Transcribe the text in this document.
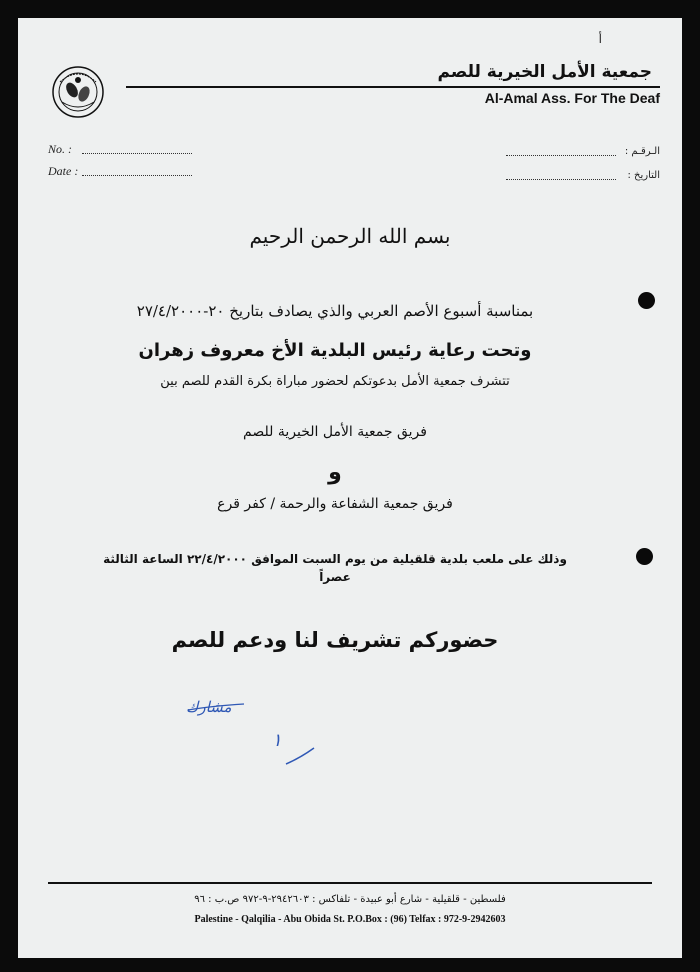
أ
جمعية الأمل الخيرية للصم
Al-Amal Ass. For The Deaf
No. :
Date :
الـرقـم :
التاريخ :
بسم الله الرحمن الرحيم
بمناسبة أسبوع الأصم العربي والذي يصادف بتاريخ ٢٠-٢٧/٤/٢٠٠٠
وتحت رعاية رئيس البلدية الأخ معروف زهران
تتشرف جمعية الأمل بدعوتكم لحضور مباراة بكرة القدم للصم بين
فريق جمعية الأمل الخيرية للصم
و
فريق جمعية الشفاعة والرحمة / كفر قرع
وذلك على ملعب بلدية قلقيلية من يوم السبت الموافق ٢٢/٤/٢٠٠٠ الساعة الثالثة
عصراً
حضوركم تشريف لنا ودعم للصم
مشارك
١
فلسطين - قلقيلية - شارع أبو عبيدة - تلفاكس : ٢٩٤٢٦٠٣-٩-٩٧٢ ص.ب : ٩٦
Palestine - Qalqilia - Abu Obida St. P.O.Box : (96) Telfax : 972-9-2942603
